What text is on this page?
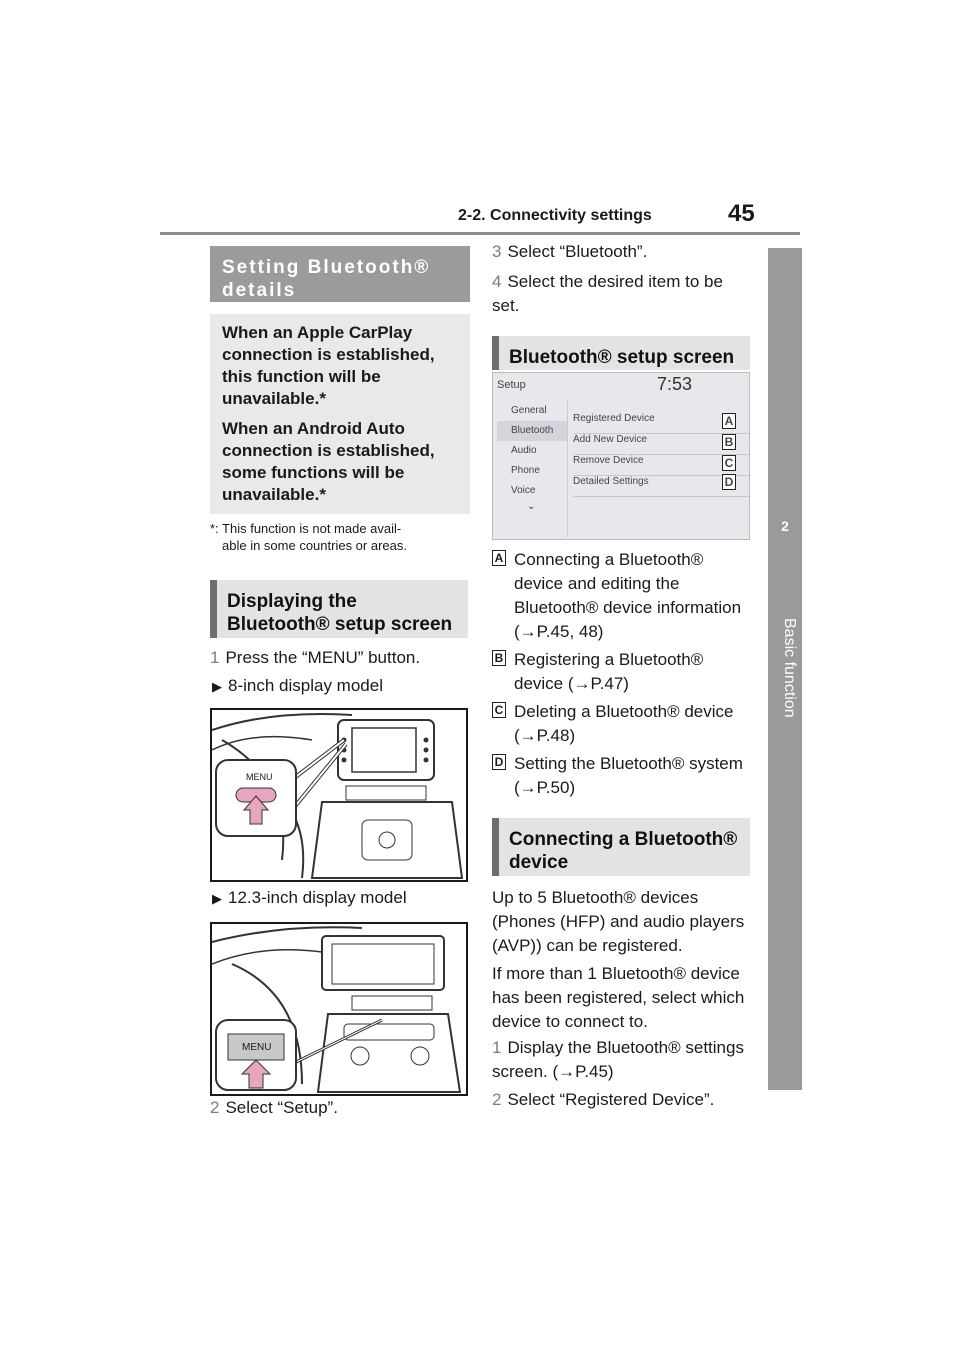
2-2. Connectivity settings	45
2
Basic function
Setting Bluetooth® details

When an Apple CarPlay connection is established, this function will be unavailable.*

When an Android Auto connection is established, some functions will be unavailable.*

*: This function is not made avail-
able in some countries or areas.
Displaying the Bluetooth® setup screen
1 Press the “MENU” button.
▶ 8-inch display model
MENU
▶ 12.3-inch display model
MENU
2 Select “Setup”.
3 Select “Bluetooth”.
4 Select the desired item to be set.
Bluetooth® setup screen
Setup	7:53
General
Bluetooth
Audio
Phone
Voice
⌄
Registered Device
Add New Device
Remove Device
Detailed Settings
A
B
C
D
A Connecting a Bluetooth® device and editing the Bluetooth® device information (→P.45, 48)
B Registering a Bluetooth® device (→P.47)
C Deleting a Bluetooth® device (→P.48)
D Setting the Bluetooth® system (→P.50)
Connecting a Bluetooth® device
Up to 5 Bluetooth® devices (Phones (HFP) and audio players (AVP)) can be registered.
If more than 1 Bluetooth® device has been registered, select which device to connect to.
1 Display the Bluetooth® settings screen. (→P.45)
2 Select “Registered Device”.
